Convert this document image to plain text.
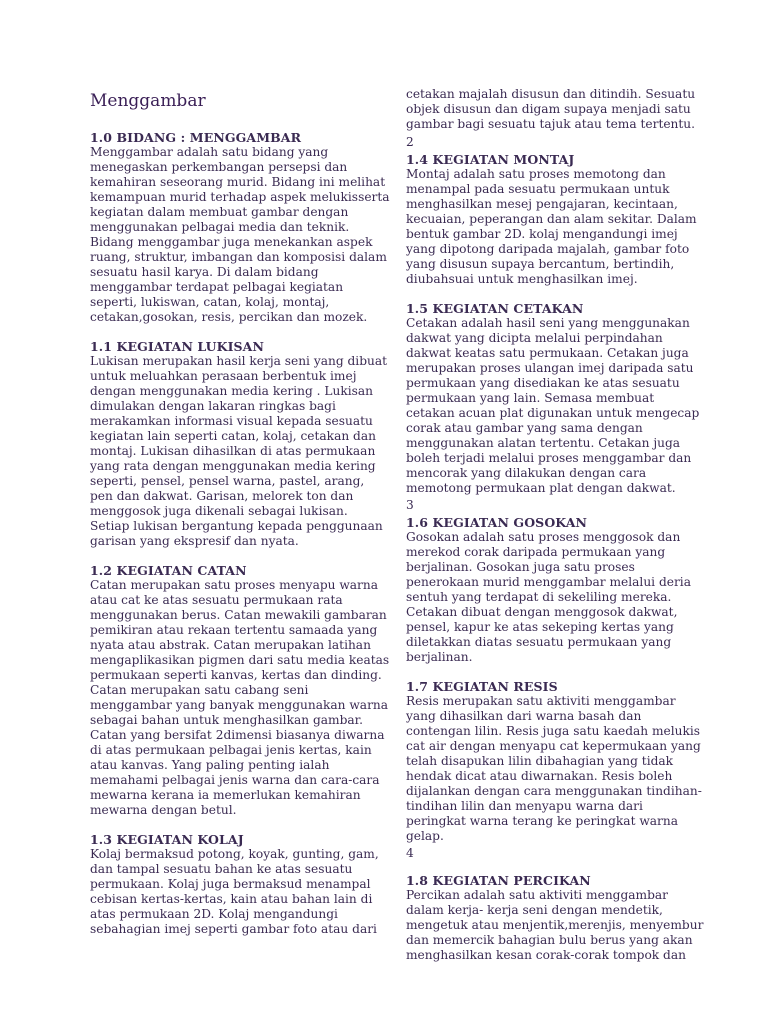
Menggambar
1.0 BIDANG : MENGGAMBAR

Menggambar adalah satu bidang yang menegaskan perkembangan persepsi dan kemahiran seseorang murid. Bidang ini melihat kemampuan murid terhadap aspek melukisserta kegiatan dalam membuat gambar dengan menggunakan pelbagai media dan teknik. Bidang menggambar juga menekankan aspek ruang, struktur, imbangan dan komposisi dalam sesuatu hasil karya. Di dalam bidang menggambar terdapat pelbagai kegiatan seperti, lukiswan, catan, kolaj, montaj, cetakan,gosokan, resis, percikan dan mozek.

1.1 KEGIATAN LUKISAN

Lukisan merupakan hasil kerja seni yang dibuat untuk meluahkan perasaan berbentuk imej dengan menggunakan media kering . Lukisan dimulakan dengan lakaran ringkas bagi merakamkan informasi visual kepada sesuatu kegiatan lain seperti catan, kolaj, cetakan dan montaj. Lukisan dihasilkan di atas permukaan yang rata dengan menggunakan media kering seperti, pensel, pensel warna, pastel, arang, pen dan dakwat. Garisan, melorek ton dan menggosok juga dikenali sebagai lukisan. Setiap lukisan bergantung kepada penggunaan garisan yang ekspresif dan nyata.

1.2 KEGIATAN CATAN

Catan merupakan satu proses menyapu warna atau cat ke atas sesuatu permukaan rata menggunakan berus. Catan mewakili gambaran pemikiran atau rekaan tertentu samaada yang nyata atau abstrak. Catan merupakan latihan mengaplikasikan pigmen dari satu media keatas permukaan seperti kanvas, kertas dan dinding. Catan merupakan satu cabang seni menggambar yang banyak menggunakan warna sebagai bahan untuk menghasilkan gambar. Catan yang bersifat 2dimensi biasanya diwarna di atas permukaan pelbagai jenis kertas, kain atau kanvas. Yang paling penting ialah memahami pelbagai jenis warna dan cara-cara mewarna kerana ia memerlukan kemahiran mewarna dengan betul.

1.3 KEGIATAN KOLAJ

Kolaj bermaksud potong, koyak, gunting, gam, dan tampal sesuatu bahan ke atas sesuatu permukaan. Kolaj juga bermaksud menampal cebisan kertas-kertas, kain atau bahan lain di atas permukaan 2D. Kolaj mengandungi sebahagian imej seperti gambar foto atau dari

cetakan majalah disusun dan ditindih. Sesuatu objek disusun dan digam supaya menjadi satu gambar bagi sesuatu tajuk atau tema tertentu.

2
1.4 KEGIATAN MONTAJ

Montaj adalah satu proses memotong dan menampal pada sesuatu permukaan untuk menghasilkan mesej pengajaran, kecintaan, kecuaian, peperangan dan alam sekitar. Dalam bentuk gambar 2D. kolaj mengandungi imej yang dipotong daripada majalah, gambar foto yang disusun supaya bercantum, bertindih, diubahsuai untuk menghasilkan imej.

1.5 KEGIATAN CETAKAN

Cetakan adalah hasil seni yang menggunakan dakwat yang dicipta melalui perpindahan dakwat keatas satu permukaan. Cetakan juga merupakan proses ulangan imej daripada satu permukaan yang disediakan ke atas sesuatu permukaan yang lain. Semasa membuat cetakan acuan plat digunakan untuk mengecap corak atau gambar yang sama dengan menggunakan alatan tertentu. Cetakan juga boleh terjadi melalui proses menggambar dan mencorak yang dilakukan dengan cara memotong permukaan plat dengan dakwat.

3
1.6 KEGIATAN GOSOKAN

Gosokan adalah satu proses menggosok dan merekod corak daripada permukaan yang berjalinan. Gosokan juga satu proses penerokaan murid menggambar melalui deria sentuh yang terdapat di sekeliling mereka. Cetakan dibuat dengan menggosok dakwat, pensel, kapur ke atas sekeping kertas yang diletakkan diatas sesuatu permukaan yang berjalinan.

1.7 KEGIATAN RESIS

Resis merupakan satu aktiviti menggambar yang dihasilkan dari warna basah dan contengan lilin. Resis juga satu kaedah melukis cat air dengan menyapu cat kepermukaan yang telah disapukan lilin dibahagian yang tidak hendak dicat atau diwarnakan. Resis boleh dijalankan dengan cara menggunakan tindihan- tindihan lilin dan menyapu warna dari peringkat warna terang ke peringkat warna gelap.

4
1.8 KEGIATAN PERCIKAN

Percikan adalah satu aktiviti menggambar dalam kerja- kerja seni dengan mendetik, mengetuk atau menjentik,merenjis, menyembur dan memercik bahagian bulu berus yang akan menghasilkan kesan corak-corak tompok dan
